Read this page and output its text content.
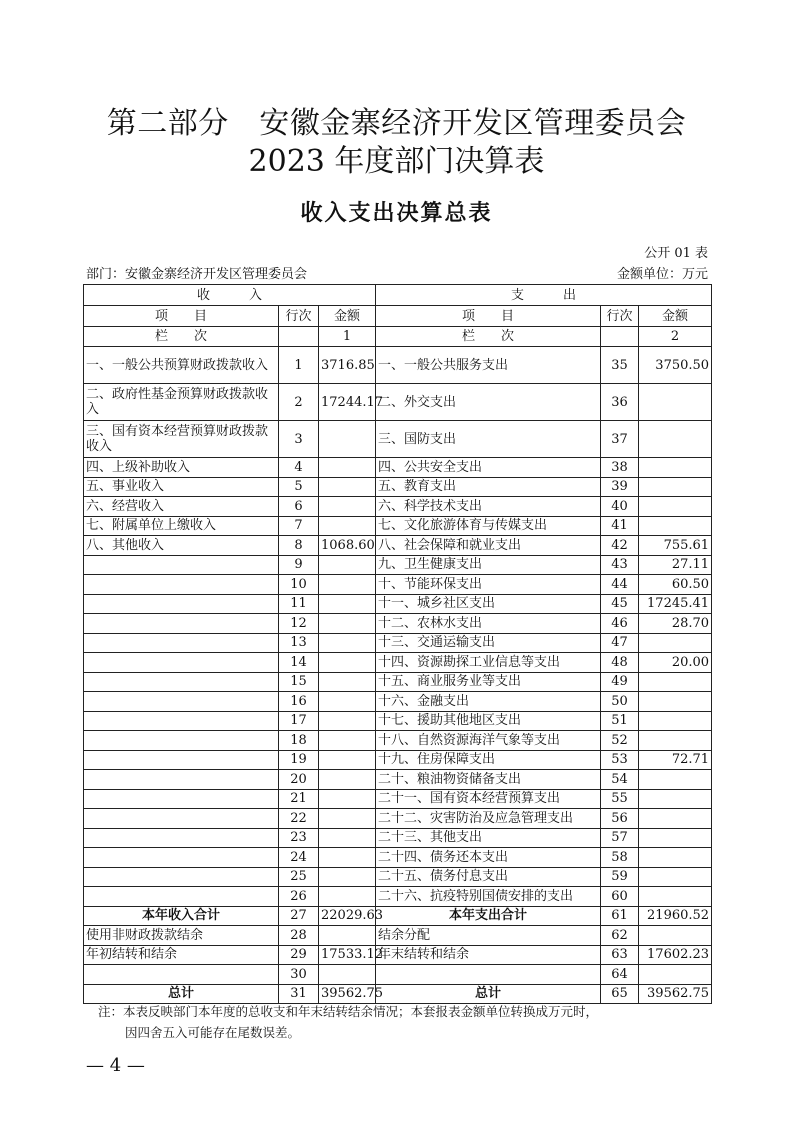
第二部分　安徽金寨经济开发区管理委员会
2023 年度部门决算表
收入支出决算总表
公开 01 表
部门：安徽金寨经济开发区管理委员会	金额单位：万元
收　　　入			支　　　出		
项　　目	行次	金额	项　　目	行次	金额
栏　　次		1	栏　　次		2
一、一般公共预算财政拨款收入	1	3716.85	一、一般公共服务支出	35	3750.50
二、政府性基金预算财政拨款收入	2	17244.17	二、外交支出	36	
三、国有资本经营预算财政拨款收入	3		三、国防支出	37	
四、上级补助收入	4		四、公共安全支出	38	
五、事业收入	5		五、教育支出	39	
六、经营收入	6		六、科学技术支出	40	
七、附属单位上缴收入	7		七、文化旅游体育与传媒支出	41	
八、其他收入	8	1068.60	八、社会保障和就业支出	42	755.61
	9		九、卫生健康支出	43	27.11
	10		十、节能环保支出	44	60.50
	11		十一、城乡社区支出	45	17245.41
	12		十二、农林水支出	46	28.70
	13		十三、交通运输支出	47	
	14		十四、资源勘探工业信息等支出	48	20.00
	15		十五、商业服务业等支出	49	
	16		十六、金融支出	50	
	17		十七、援助其他地区支出	51	
	18		十八、自然资源海洋气象等支出	52	
	19		十九、住房保障支出	53	72.71
	20		二十、粮油物资储备支出	54	
	21		二十一、国有资本经营预算支出	55	
	22		二十二、灾害防治及应急管理支出	56	
	23		二十三、其他支出	57	
	24		二十四、债务还本支出	58	
	25		二十五、债务付息支出	59	
	26		二十六、抗疫特别国债安排的支出	60	
本年收入合计	27	22029.63	本年支出合计	61	21960.52
使用非财政拨款结余	28		结余分配	62	
年初结转和结余	29	17533.12	年末结转和结余	63	17602.23
	30			64	
总计	31	39562.75	总计	65	39562.75
注：本表反映部门本年度的总收支和年末结转结余情况；本套报表金额单位转换成万元时，
因四舍五入可能存在尾数误差。
— 4 —
